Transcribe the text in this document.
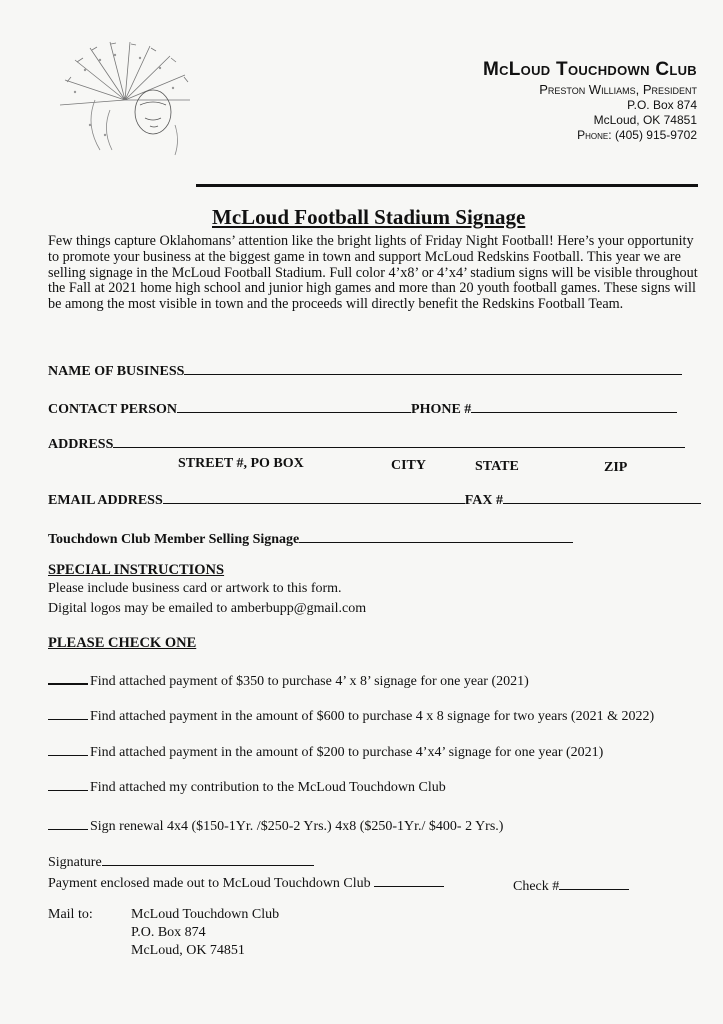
McLoud Touchdown Club
Preston Williams, President
P.O. Box 874
McLoud, OK 74851
Phone: (405) 915-9702
McLoud Football Stadium Signage
Few things capture Oklahomans’ attention like the bright lights of Friday Night Football! Here’s your opportunity to promote your business at the biggest game in town and support McLoud Redskins Football. This year we are selling signage in the McLoud Football Stadium. Full color 4’x8’ or 4’x4’ stadium signs will be visible throughout the Fall at 2021 home high school and junior high games and more than 20 youth football games. These signs will be among the most visible in town and the proceeds will directly benefit the Redskins Football Team.
NAME OF BUSINESS
CONTACT PERSON	PHONE #
ADDRESS
STREET #, PO BOX	CITY	STATE	ZIP
EMAIL ADDRESS	FAX #
Touchdown Club Member Selling Signage
SPECIAL INSTRUCTIONS
Please include business card or artwork to this form.
Digital logos may be emailed to amberbupp@gmail.com
PLEASE CHECK ONE
Find attached payment of $350 to purchase 4’ x 8’ signage for one year (2021)
Find attached payment in the amount of $600 to purchase 4 x 8 signage for two years (2021 & 2022)
Find attached payment in the amount of $200 to purchase 4’x4’ signage for one year (2021)
Find attached my contribution to the McLoud Touchdown Club
Sign renewal 4x4 ($150-1Yr. /$250-2 Yrs.) 4x8 ($250-1Yr./ $400- 2 Yrs.)
Signature
Payment enclosed made out to McLoud Touchdown Club	Check #
Mail to:	McLoud Touchdown Club
P.O. Box 874
McLoud, OK 74851
